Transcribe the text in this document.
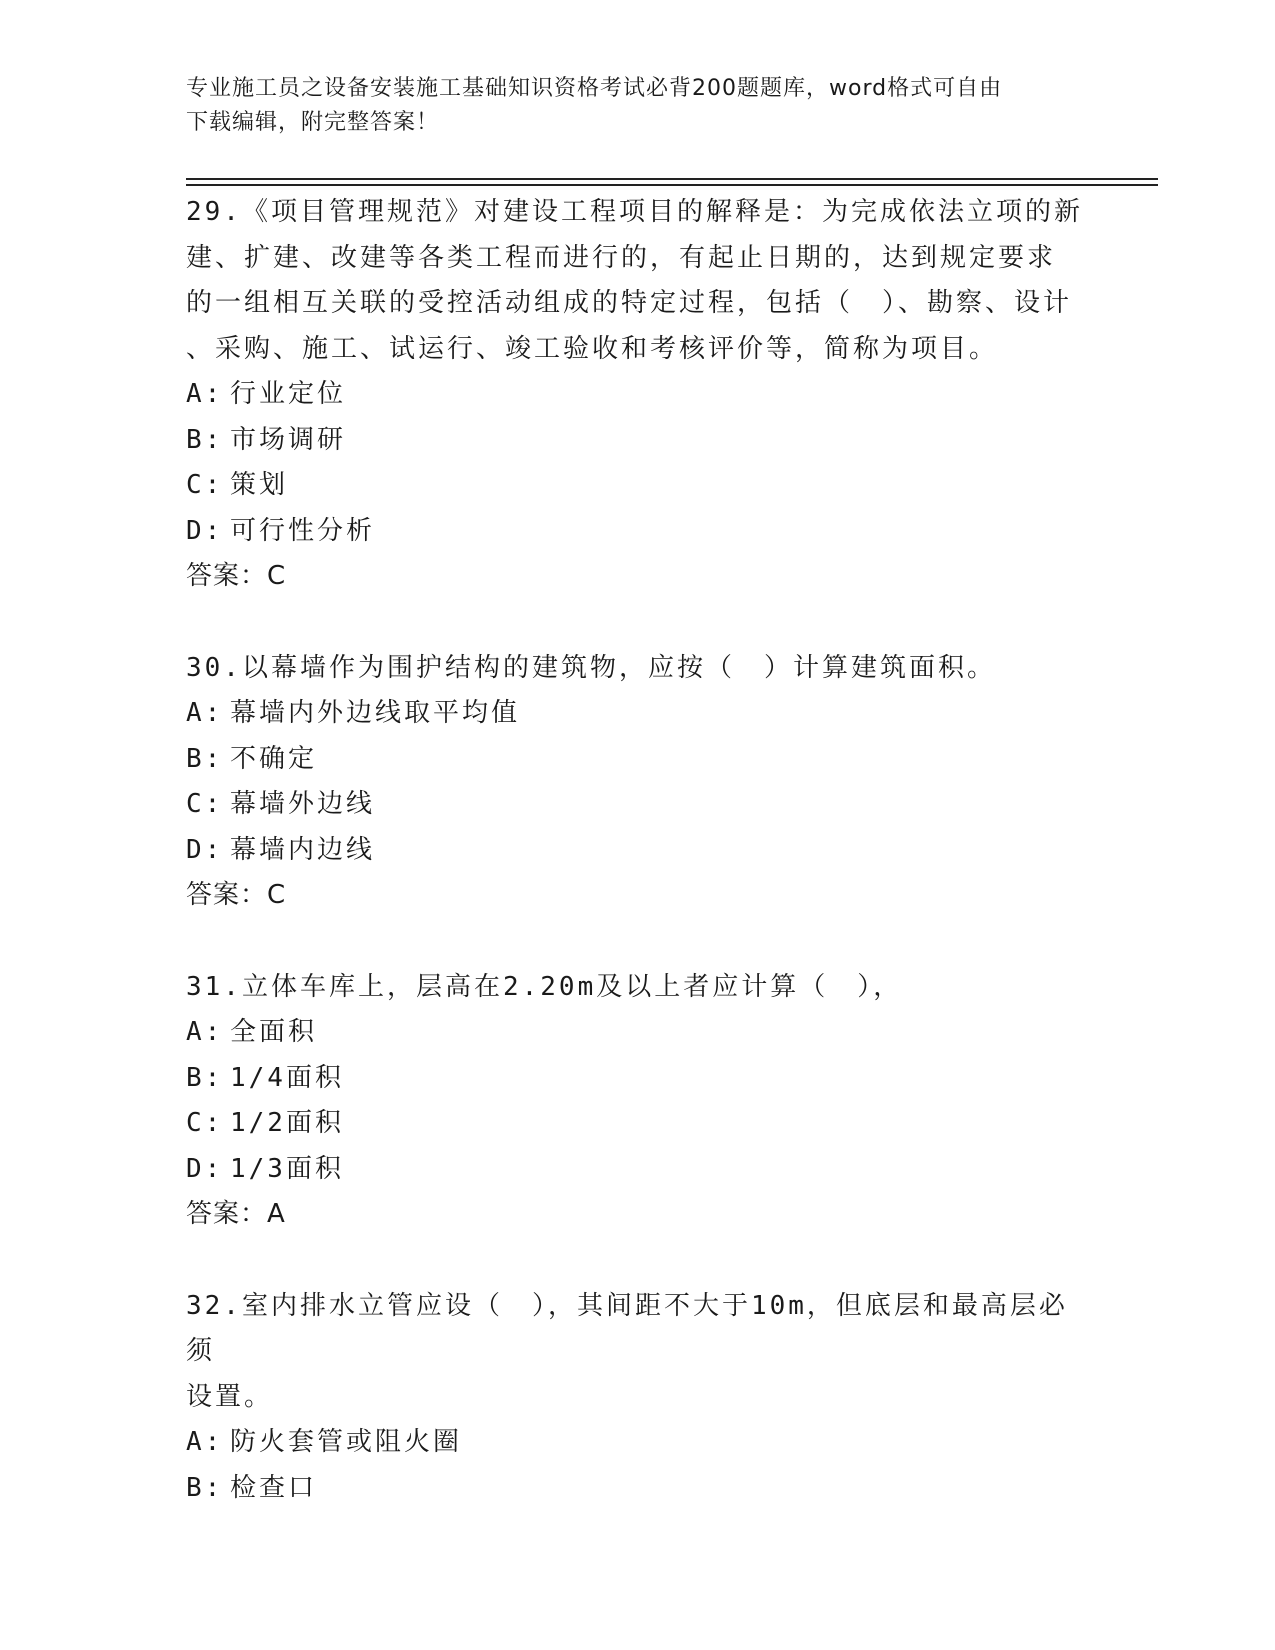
专业施工员之设备安装施工基础知识资格考试必背200题题库，word格式可自由
下载编辑，附完整答案！
29.《项目管理规范》对建设工程项目的解释是：为完成依法立项的新
建、扩建、改建等各类工程而进行的，有起止日期的，达到规定要求
的一组相互关联的受控活动组成的特定过程，包括（　）、勘察、设计
、采购、施工、试运行、竣工验收和考核评价等，简称为项目。
A: 行业定位
B: 市场调研
C: 策划
D: 可行性分析
答案：C
30.以幕墙作为围护结构的建筑物，应按（　）计算建筑面积。
A: 幕墙内外边线取平均值
B: 不确定
C: 幕墙外边线
D: 幕墙内边线
答案：C
31.立体车库上，层高在2.20m及以上者应计算（　），
A: 全面积
B: 1/4面积
C: 1/2面积
D: 1/3面积
答案：A
32.室内排水立管应设（　），其间距不大于10m，但底层和最高层必须
设置。
A: 防火套管或阻火圈
B: 检查口
